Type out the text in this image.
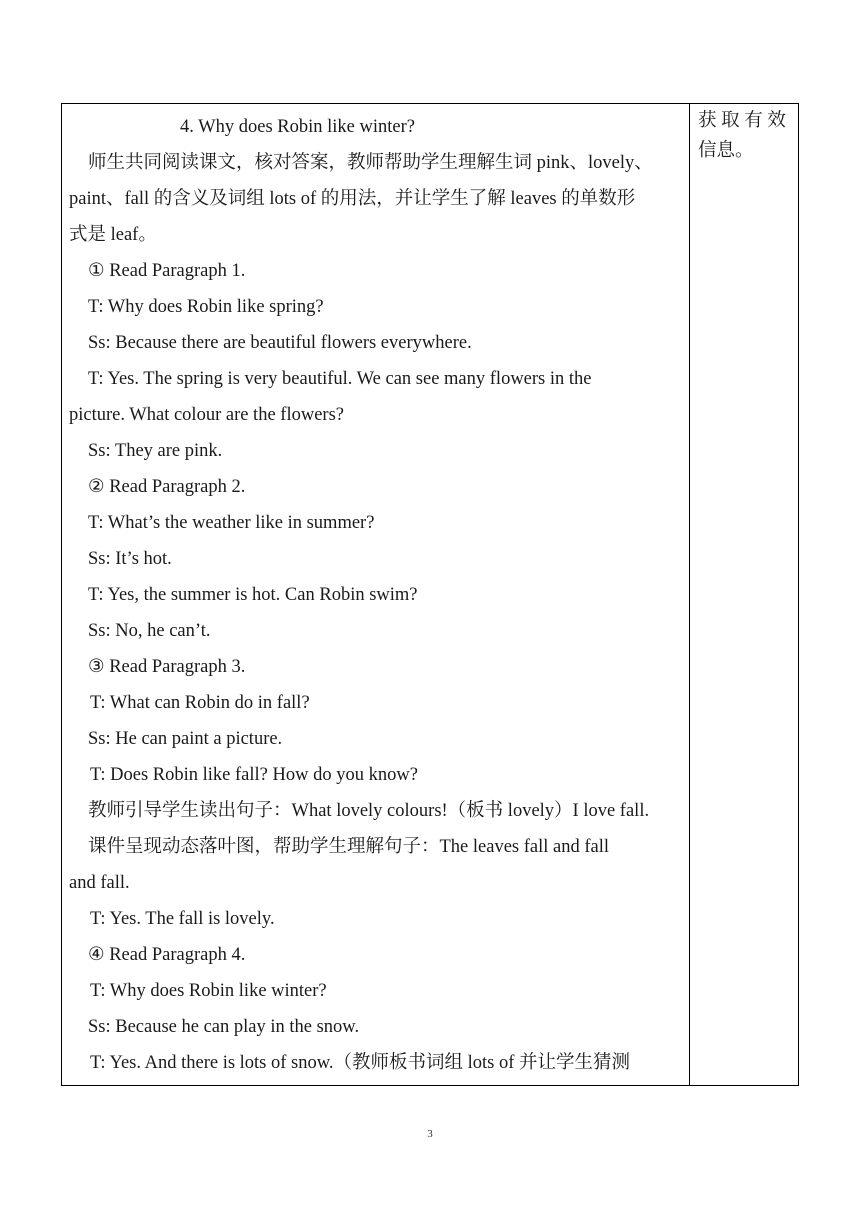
4. Why does Robin like winter?
师生共同阅读课文，核对答案，教师帮助学生理解生词 pink、lovely、
paint、fall 的含义及词组 lots of 的用法，并让学生了解 leaves 的单数形
式是 leaf。
① Read Paragraph 1.
T: Why does Robin like spring?
Ss: Because there are beautiful flowers everywhere.
T: Yes. The spring is very beautiful. We can see many flowers in the
picture. What colour are the flowers?
Ss: They are pink.
② Read Paragraph 2.
T: What’s the weather like in summer?
Ss: It’s hot.
T: Yes, the summer is hot. Can Robin swim?
Ss: No, he can’t.
③ Read Paragraph 3.
T: What can Robin do in fall?
Ss: He can paint a picture.
T: Does Robin like fall? How do you know?
教师引导学生读出句子：What lovely colours!（板书 lovely）I love fall.
课件呈现动态落叶图，帮助学生理解句子：The leaves fall and fall
and fall.
T: Yes. The fall is lovely.
④ Read Paragraph 4.
T: Why does Robin like winter?
Ss: Because he can play in the snow.
T: Yes. And there is lots of snow.（教师板书词组 lots of 并让学生猜测
获 取 有 效
信息。
3
